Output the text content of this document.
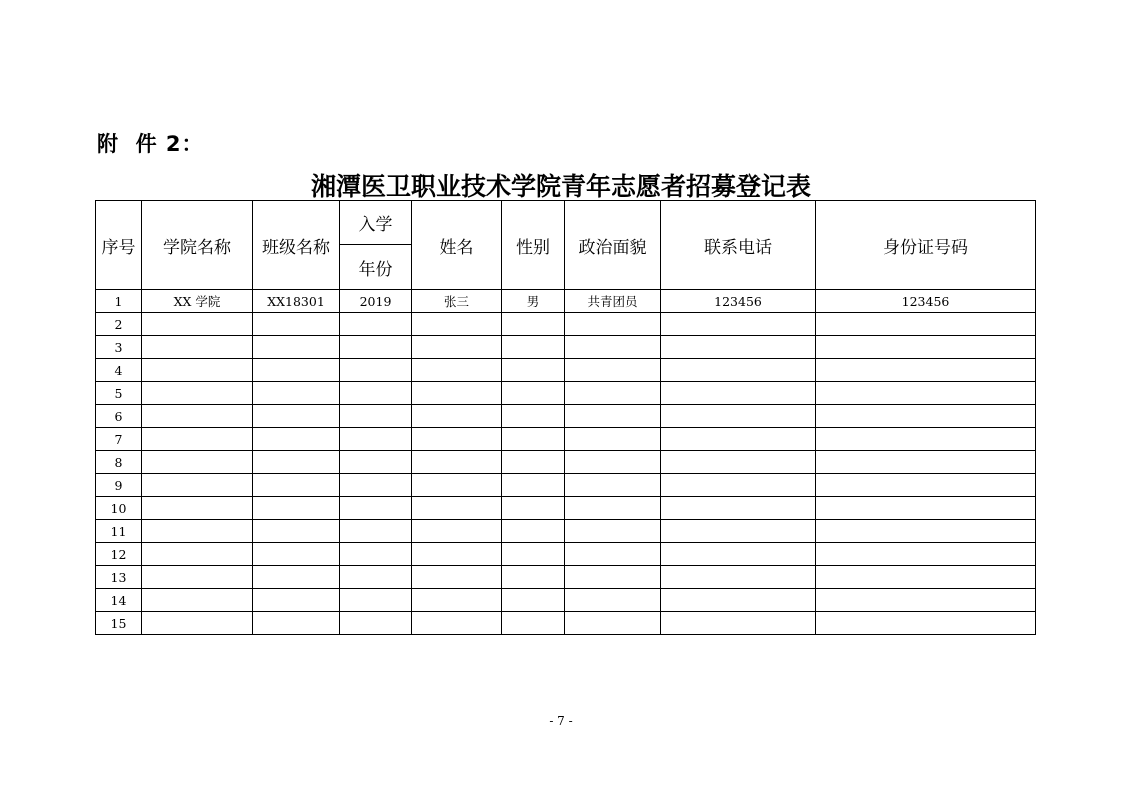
附  件 2：
湘潭医卫职业技术学院青年志愿者招募登记表
序号	学院名称	班级名称	入学	姓名	性别	政治面貌	联系电话	身份证号码
			年份					
1	XX 学院	XX18301	2019	张三	男	共青团员	123456	123456
2								
3								
4								
5								
6								
7								
8								
9								
10								
11								
12								
13								
14								
15								
- 7 -
